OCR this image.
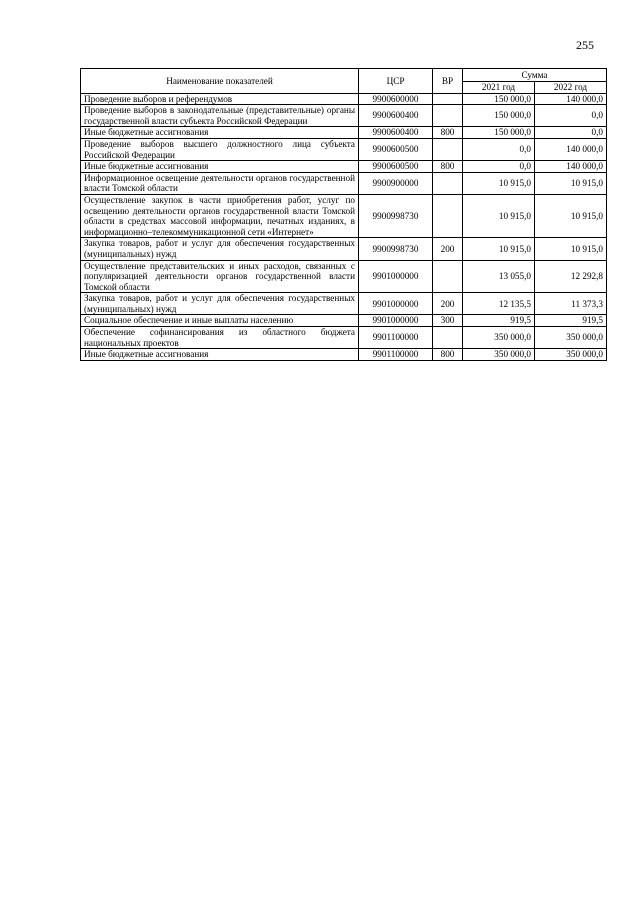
255
Наименование показателей	ЦСР	ВР	Сумма	
			2021 год	2022 год
Проведение выборов и референдумов	9900600000		150 000,0	140 000,0
Проведение выборов в законодательные (представительные) органы государственной власти субъекта Российской Федерации	9900600400		150 000,0	0,0
Иные бюджетные ассигнования	9900600400	800	150 000,0	0,0
Проведение выборов высшего должностного лица субъекта Российской Федерации	9900600500		0,0	140 000,0
Иные бюджетные ассигнования	9900600500	800	0,0	140 000,0
Информационное освещение деятельности органов государственной власти Томской области	9900900000		10 915,0	10 915,0
Осуществление закупок в части приобретения работ, услуг по освещению деятельности органов государственной власти Томской области в средствах массовой информации, печатных изданиях, в информационно–телекоммуникационной сети «Интернет»	9900998730		10 915,0	10 915,0
Закупка товаров, работ и услуг для обеспечения государственных (муниципальных) нужд	9900998730	200	10 915,0	10 915,0
Осуществление представительских и иных расходов, связанных с популяризацией деятельности органов государственной власти Томской области	9901000000		13 055,0	12 292,8
Закупка товаров, работ и услуг для обеспечения государственных (муниципальных) нужд	9901000000	200	12 135,5	11 373,3
Социальное обеспечение и иные выплаты населению	9901000000	300	919,5	919,5
Обеспечение софинансирования из областного бюджета национальных проектов	9901100000		350 000,0	350 000,0
Иные бюджетные ассигнования	9901100000	800	350 000,0	350 000,0
